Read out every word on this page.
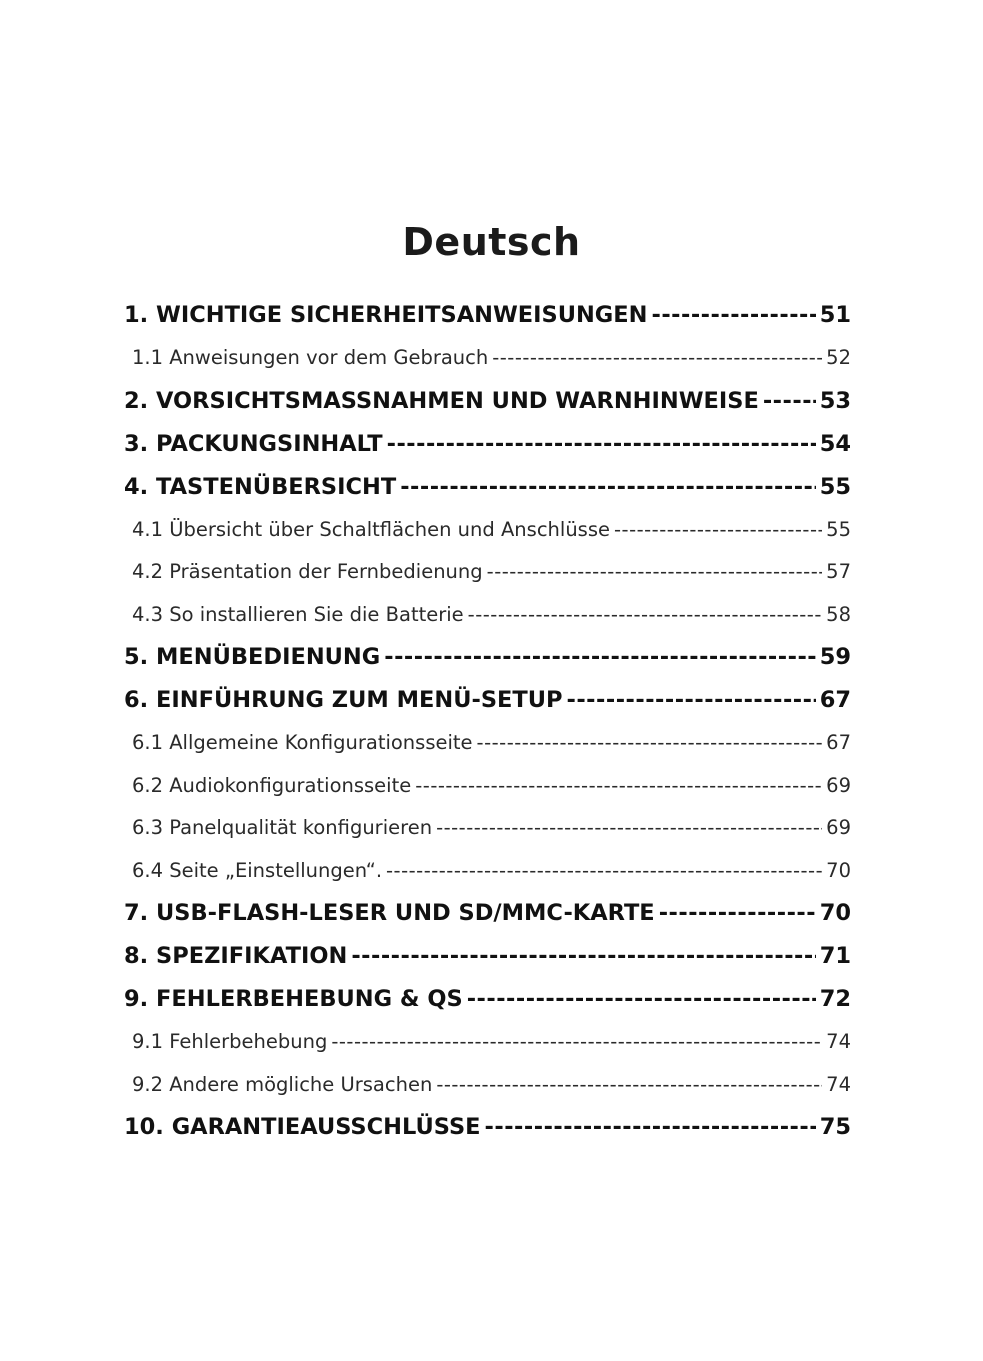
Deutsch
1. WICHTIGE SICHERHEITSANWEISUNGEN -----	51
1.1 Anweisungen vor dem Gebrauch -----	52
2. VORSICHTSMASSNAHMEN UND WARNHINWEISE -----	53
3. PACKUNGSINHALT -----	54
4. TASTENÜBERSICHT -----	55
4.1 Übersicht über Schaltflächen und Anschlüsse -----	55
4.2 Präsentation der Fernbedienung -----	57
4.3 So installieren Sie die Batterie -----	58
5. MENÜBEDIENUNG -----	59
6. EINFÜHRUNG ZUM MENÜ-SETUP -----	67
6.1 Allgemeine Konfigurationsseite -----	67
6.2 Audiokonfigurationsseite -----	69
6.3 Panelqualität konfigurieren -----	69
6.4 Seite „Einstellungen“. -----	70
7. USB-FLASH-LESER UND SD/MMC-KARTE -----	70
8. SPEZIFIKATION -----	71
9. FEHLERBEHEBUNG & QS -----	72
9.1 Fehlerbehebung -----	74
9.2 Andere mögliche Ursachen -----	74
10. GARANTIEAUSSCHLÜSSE -----	75
